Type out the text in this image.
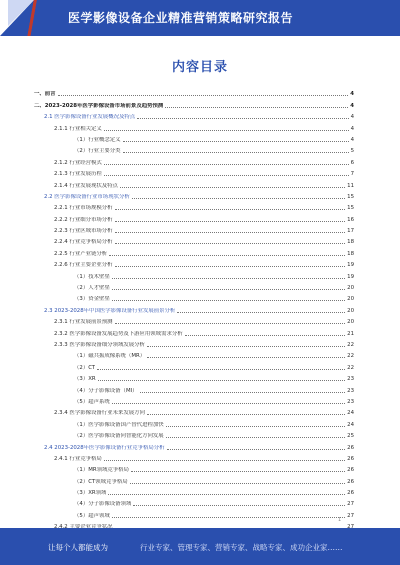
医学影像设备企业精准营销策略研究报告
内容目录
一、前言	4
二、2023-2028年医学影像设备市场前景及趋势预测	4
2.1 医学影像设备行业发展概况及特点	4
2.1.1 行业相关定义	4
（1）行业概念定义	4
（2）行业主要分类	5
2.1.2 行业经营模式	6
2.1.3 行业发展历程	7
2.1.4 行业发展现状及特点	11
2.2 医学影像设备行业市场现状分析	15
2.2.1 行业市场规模分析	15
2.2.2 行业细分市场分析	16
2.2.3 行业区域市场分析	17
2.2.4 行业竞争格局分析	18
2.2.5 行业产业链分析	18
2.2.6 行业主要企业分析	19
（1）技术壁垒	19
（2）人才壁垒	20
（3）资金壁垒	20
2.3 2023-2028年中国医学影像设备行业发展前景分析	20
2.3.1 行业发展前景预测	20
2.3.2 医学影像设备发展趋势及下游应用领域需求分析	21
2.3.3 医学影像设备细分领域发展分析	22
（1）磁共振成像系统（MR）	22
（2）CT	22
（3）XR	23
（4）分子影像设备（MI）	23
（5）超声系统	23
2.3.4 医学影像设备行业未来发展方向	24
（1）医学影像设备国产替代进程加快	24
（2）医学影像设备向智能化方向发展	25
2.4 2023-2028年医学影像设备行业竞争格局分析	26
2.4.1 行业竞争格局	26
（1）MR领域竞争格局	26
（2）CT领域竞争格局	26
（3）XR领域	26
（4）分子影像设备领域	27
（5）超声领域	27
1
让每个人都能成为	行业专家、管理专家、营销专家、战略专家、成功企业家……
